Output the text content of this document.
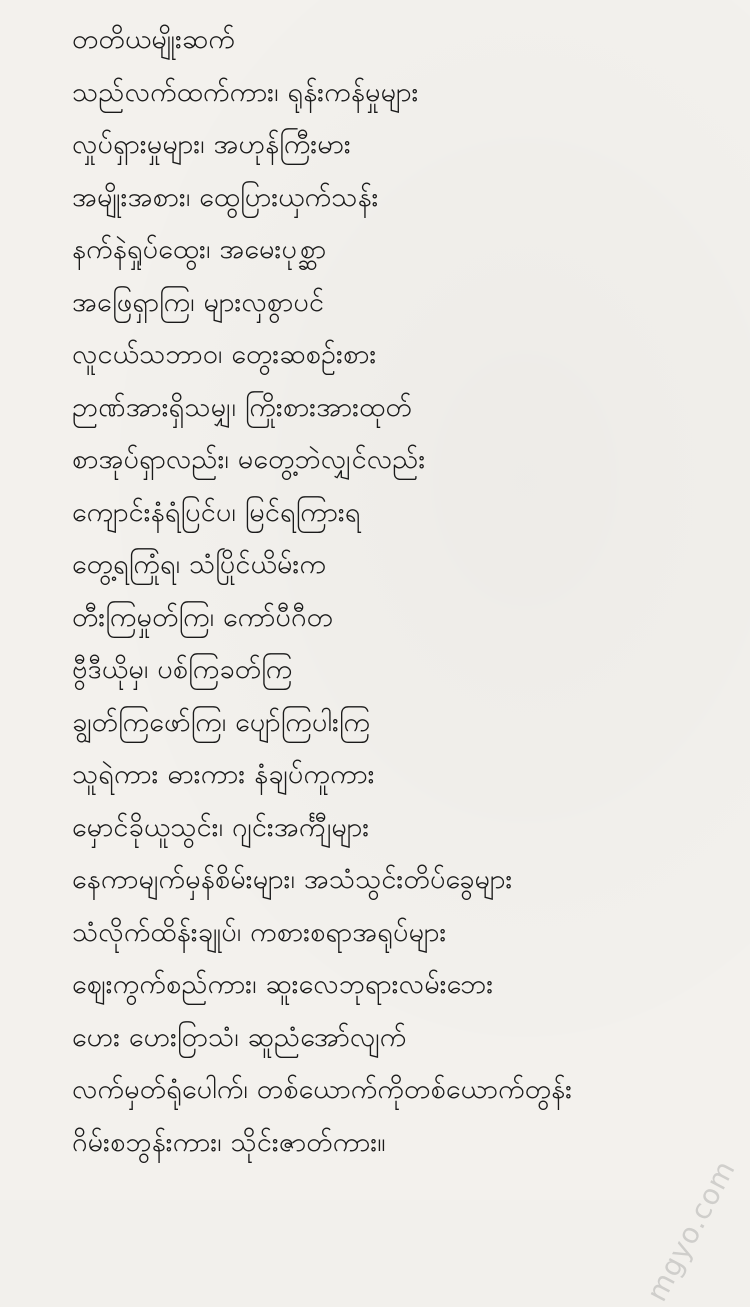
တတိယမျိုးဆက်
သည်လက်ထက်ကား၊ ရုန်းကန်မှုများ
လှုပ်ရှားမှုများ၊ အဟုန်ကြီးမား
အမျိုးအစား၊ ထွေပြားယှက်သန်း
နက်နဲရှုပ်ထွေး၊ အမေးပုစ္ဆာ
အဖြေရှာကြ၊ များလှစွာပင်
လူငယ်သဘာဝ၊ တွေးဆစဉ်းစား
ဉာဏ်အားရှိသမျှ၊ ကြိုးစားအားထုတ်
စာအုပ်ရှာလည်း၊ မတွေ့ဘဲလျှင်လည်း
ကျောင်းနံရံပြင်ပ၊ မြင်ရကြားရ
တွေ့ရကြုံရ၊ သံပြိုင်ယိမ်းက
တီးကြမှုတ်ကြ၊ ကော်ပီဂီတ
ဗွီဒီယိုမှ၊ ပစ်ကြခတ်ကြ
ချွတ်ကြဖော်ကြ၊ ပျော်ကြပါးကြ
သူရဲကား ဓားကား နံချပ်ကူကား
မှောင်ခိုယူသွင်း၊ ဂျင်းအင်္ကျီများ
နေကာမျက်မှန်စိမ်းများ၊ အသံသွင်းတိပ်ခွေများ
သံလိုက်ထိန်းချုပ်၊ ကစားစရာအရုပ်များ
ဈေးကွက်စည်ကား၊ ဆူးလေဘုရားလမ်းဘေး
ဟေး ဟေးဝြာသံ၊ ဆူညံအော်လျက်
လက်မှတ်ရုံပေါက်၊ တစ်ယောက်ကိုတစ်ယောက်တွန်း
ဂိမ်းစဘွန်းကား၊ သိုင်းဇာတ်ကား။
mgyo.com
